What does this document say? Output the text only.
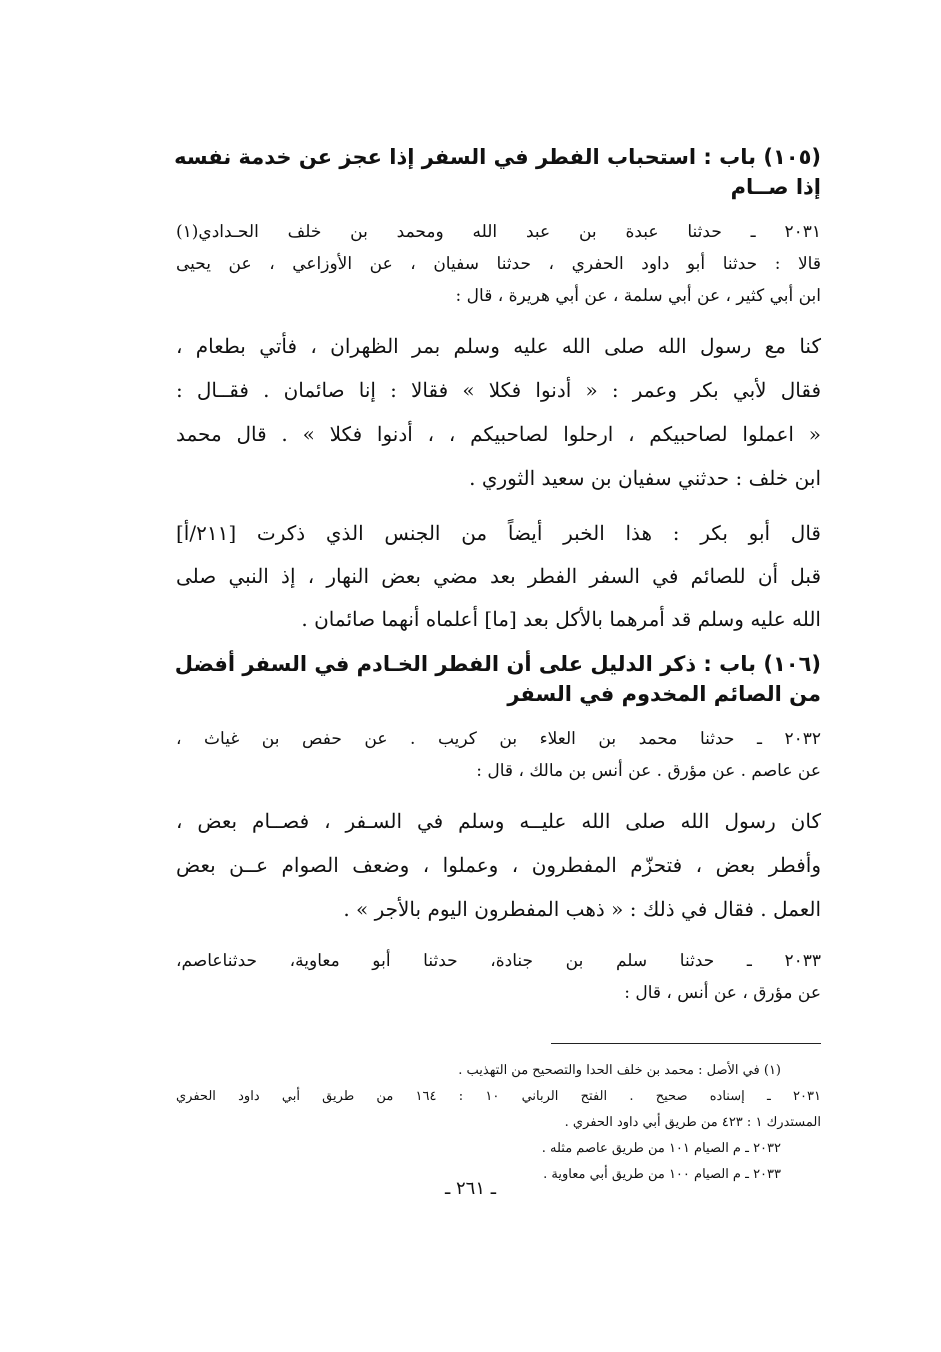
(١٠٥) باب : استحباب الفطر في السفر إذا عجز عن خدمة نفسه
إذا صــام
٢٠٣١ ـ حدثنا عبدة بن عبد الله ومحمد بن خلف الحـدادي(١)
قالا : حدثنا أبو داود الحفري ، حدثنا سفيان ، عن الأوزاعي ، عن يحيى
ابن أبي كثير ، عن أبي سلمة ، عن أبي هريرة ، قال :
كنا مع رسول الله صلى الله عليه وسلم بمر الظهران ، فأتي بطعام ،
فقال لأبي بكر وعمر : « أدنوا فكلا » فقالا : إنا صائمان . فقــال :
« اعملوا لصاحبيكم ، ارحلوا لصاحبيكم ، ، أدنوا فكلا » . قال محمد
ابن خلف : حدثني سفيان بن سعيد الثوري .
قال أبو بكر : هذا الخبر أيضاً من الجنس الذي ذكرت [٢١١/أ]
قبل أن للصائم في السفر الفطر بعد مضي بعض النهار ، إذ النبي صلى
الله عليه وسلم قد أمرهما بالأكل بعد [ما] أعلماه أنهما صائمان .
(١٠٦) باب : ذكر الدليل على أن الفطر الخـادم في السفر أفضل
من الصائم المخدوم في السفر
٢٠٣٢ ـ حدثنا محمد بن العلاء بن كريب . عن حفص بن غياث ،
عن عاصم . عن مؤرق . عن أنس بن مالك ، قال :
كان رسول الله صلى الله عليــه وسلم في السـفر ، فصــام بعض ،
وأفطر بعض ، فتحزّم المفطرون ، وعملوا ، وضعف الصوام عــن بعض
العمل . فقال في ذلك : « ذهب المفطرون اليوم بالأجر » .
٢٠٣٣ ـ حدثنا سلم بن جنادة، حدثنا أبو معاوية، حدثناعاصم،
عن مؤرق ، عن أنس ، قال :
(١) في الأصل : محمد بن خلف الحدا والتصحيح من التهذيب .
٢٠٣١ ـ إسناده صحيح . الفتح الرباني ١٠ : ١٦٤ من طريق أبي داود الحفري
المستدرك ١ : ٤٢٣ من طريق أبي داود الحفري .
٢٠٣٢ ـ م الصيام ١٠١ من طريق عاصم مثله .
٢٠٣٣ ـ م الصيام ١٠٠ من طريق أبي معاوية .
ـ ٢٦١ ـ
